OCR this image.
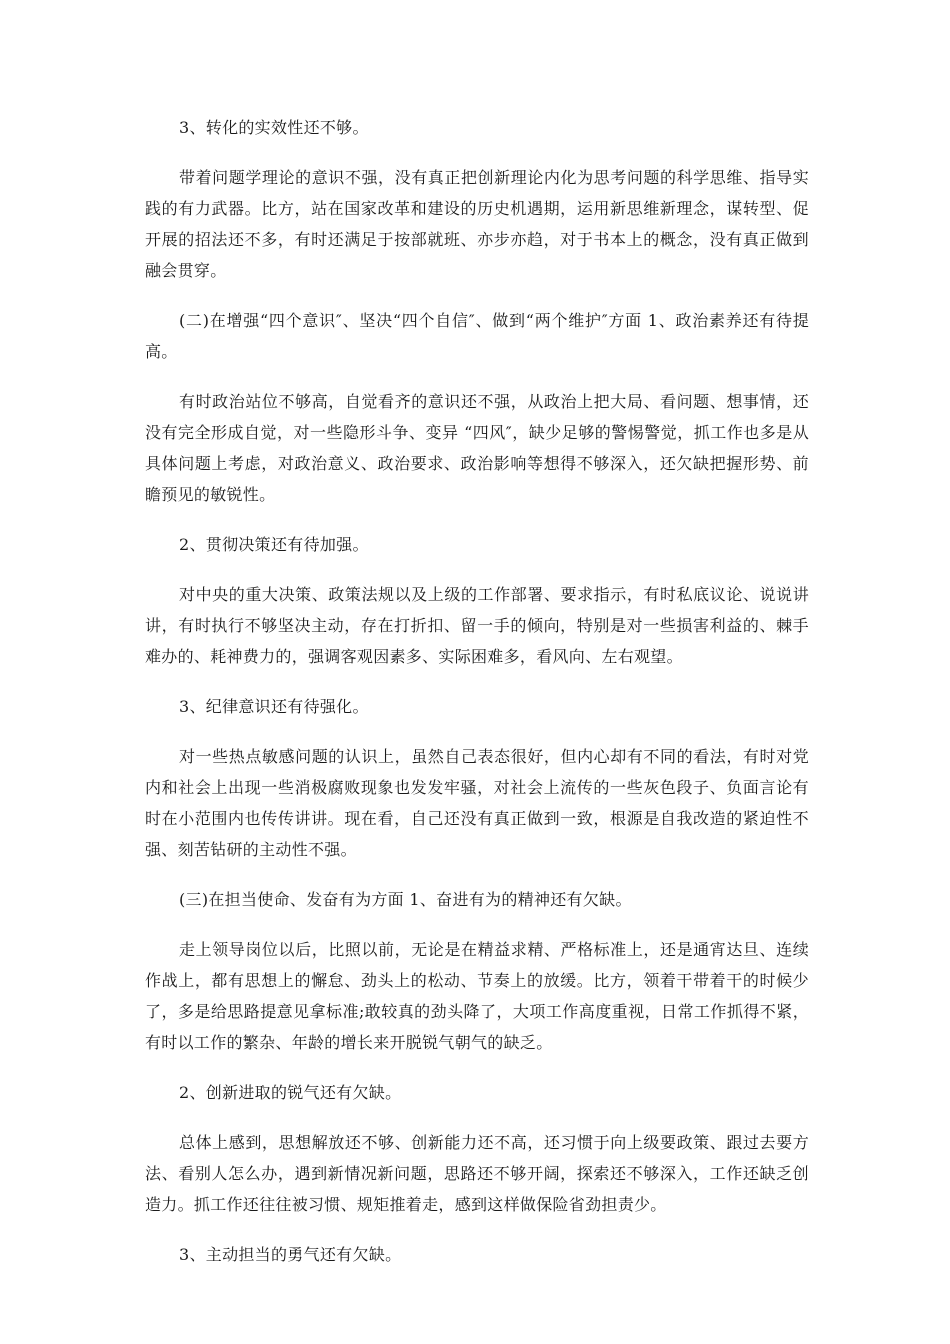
3、转化的实效性还不够。

带着问题学理论的意识不强，没有真正把创新理论内化为思考问题的科学思维、指导实践的有力武器。比方，站在国家改革和建设的历史机遇期，运用新思维新理念，谋转型、促开展的招法还不多，有时还满足于按部就班、亦步亦趋，对于书本上的概念，没有真正做到融会贯穿。

(二)在增强“四个意识″、坚决“四个自信″、做到“两个维护″方面 1、政治素养还有待提高。

有时政治站位不够高，自觉看齐的意识还不强，从政治上把大局、看问题、想事情，还没有完全形成自觉，对一些隐形斗争、变异 “四风″，缺少足够的警惕警觉，抓工作也多是从具体问题上考虑，对政治意义、政治要求、政治影响等想得不够深入，还欠缺把握形势、前瞻预见的敏锐性。

2、贯彻决策还有待加强。

对中央的重大决策、政策法规以及上级的工作部署、要求指示，有时私底议论、说说讲讲，有时执行不够坚决主动，存在打折扣、留一手的倾向，特别是对一些损害利益的、棘手难办的、耗神费力的，强调客观因素多、实际困难多，看风向、左右观望。

3、纪律意识还有待强化。

对一些热点敏感问题的认识上，虽然自己表态很好，但内心却有不同的看法，有时对党内和社会上出现一些消极腐败现象也发发牢骚，对社会上流传的一些灰色段子、负面言论有时在小范围内也传传讲讲。现在看，自己还没有真正做到一致，根源是自我改造的紧迫性不强、刻苦钻研的主动性不强。

(三)在担当使命、发奋有为方面 1、奋进有为的精神还有欠缺。

走上领导岗位以后，比照以前，无论是在精益求精、严格标准上，还是通宵达旦、连续作战上，都有思想上的懈怠、劲头上的松动、节奏上的放缓。比方，领着干带着干的时候少了，多是给思路提意见拿标准;敢较真的劲头降了，大项工作高度重视，日常工作抓得不紧，有时以工作的繁杂、年龄的增长来开脱锐气朝气的缺乏。

2、创新进取的锐气还有欠缺。

总体上感到，思想解放还不够、创新能力还不高，还习惯于向上级要政策、跟过去要方法、看别人怎么办，遇到新情况新问题，思路还不够开阔，探索还不够深入，工作还缺乏创造力。抓工作还往往被习惯、规矩推着走，感到这样做保险省劲担责少。

3、主动担当的勇气还有欠缺。
